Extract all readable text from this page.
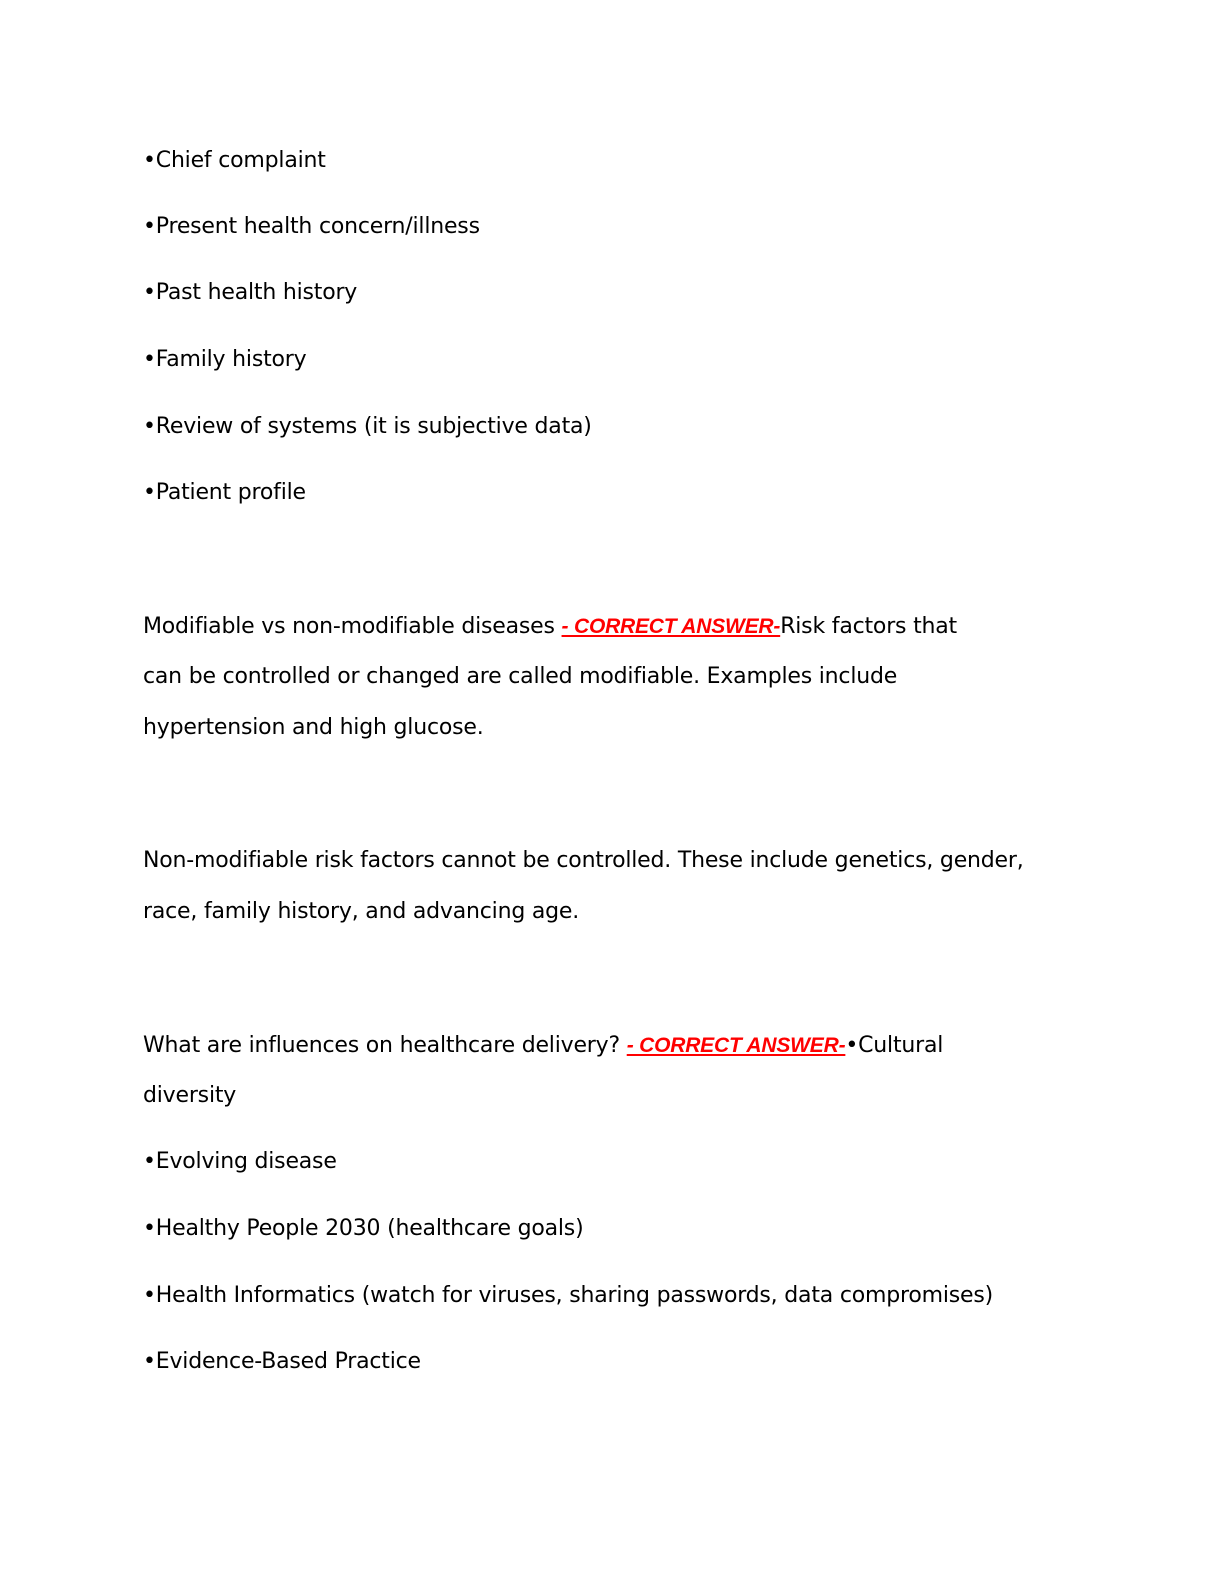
•Chief complaint
•Present health concern/illness
•Past health history
•Family history
•Review of systems (it is subjective data)
•Patient profile
Modifiable vs non-modifiable diseases - CORRECT ANSWER-Risk factors that
can be controlled or changed are called modifiable. Examples include
hypertension and high glucose.
Non-modifiable risk factors cannot be controlled. These include genetics, gender,
race, family history, and advancing age.
What are influences on healthcare delivery? - CORRECT ANSWER-•Cultural
diversity
•Evolving disease
•Healthy People 2030 (healthcare goals)
•Health Informatics (watch for viruses, sharing passwords, data compromises)
•Evidence-Based Practice
